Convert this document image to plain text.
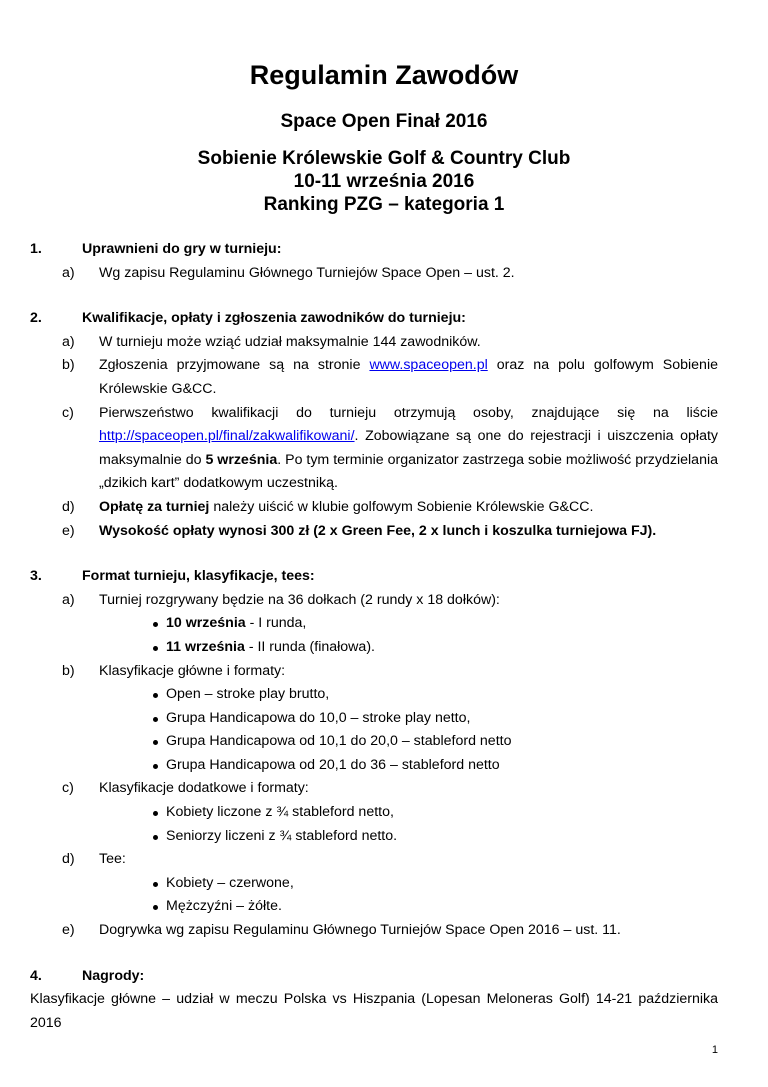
Regulamin Zawodów
Space Open Finał 2016
Sobienie Królewskie Golf & Country Club
10-11 września 2016
Ranking PZG – kategoria 1
1.	Uprawnieni do gry w turnieju:
a) Wg zapisu Regulaminu Głównego Turniejów Space Open – ust. 2.
2.	Kwalifikacje, opłaty i zgłoszenia zawodników do turnieju:
a) W turnieju może wziąć udział maksymalnie 144 zawodników.
b) Zgłoszenia przyjmowane są na stronie www.spaceopen.pl oraz na polu golfowym Sobienie Królewskie G&CC.
c) Pierwszeństwo kwalifikacji do turnieju otrzymują osoby, znajdujące się na liście http://spaceopen.pl/final/zakwalifikowani/. Zobowiązane są one do rejestracji i uiszczenia opłaty maksymalnie do 5 września. Po tym terminie organizator zastrzega sobie możliwość przydzielania „dzikich kart” dodatkowym uczestniką.
d) Opłatę za turniej należy uiścić w klubie golfowym Sobienie Królewskie G&CC.
e) Wysokość opłaty wynosi 300 zł (2 x Green Fee, 2 x lunch i koszulka turniejowa FJ).
3.	Format turnieju, klasyfikacje, tees:
a) Turniej rozgrywany będzie na 36 dołkach (2 rundy x 18 dołków):
10 września - I runda,
11 września - II runda (finałowa).
b) Klasyfikacje główne i formaty:
Open – stroke play brutto,
Grupa Handicapowa do 10,0 – stroke play netto,
Grupa Handicapowa od 10,1 do 20,0 – stableford netto
Grupa Handicapowa od 20,1 do 36 – stableford netto
c) Klasyfikacje dodatkowe i formaty:
Kobiety liczone z ¾ stableford netto,
Seniorzy liczeni z ¾ stableford netto.
d) Tee:
Kobiety – czerwone,
Mężczyźni – żółte.
e) Dogrywka wg zapisu Regulaminu Głównego Turniejów Space Open 2016 – ust. 11.
4.	Nagrody:
Klasyfikacje główne – udział w meczu Polska vs Hiszpania (Lopesan Meloneras Golf) 14-21 października 2016
1
